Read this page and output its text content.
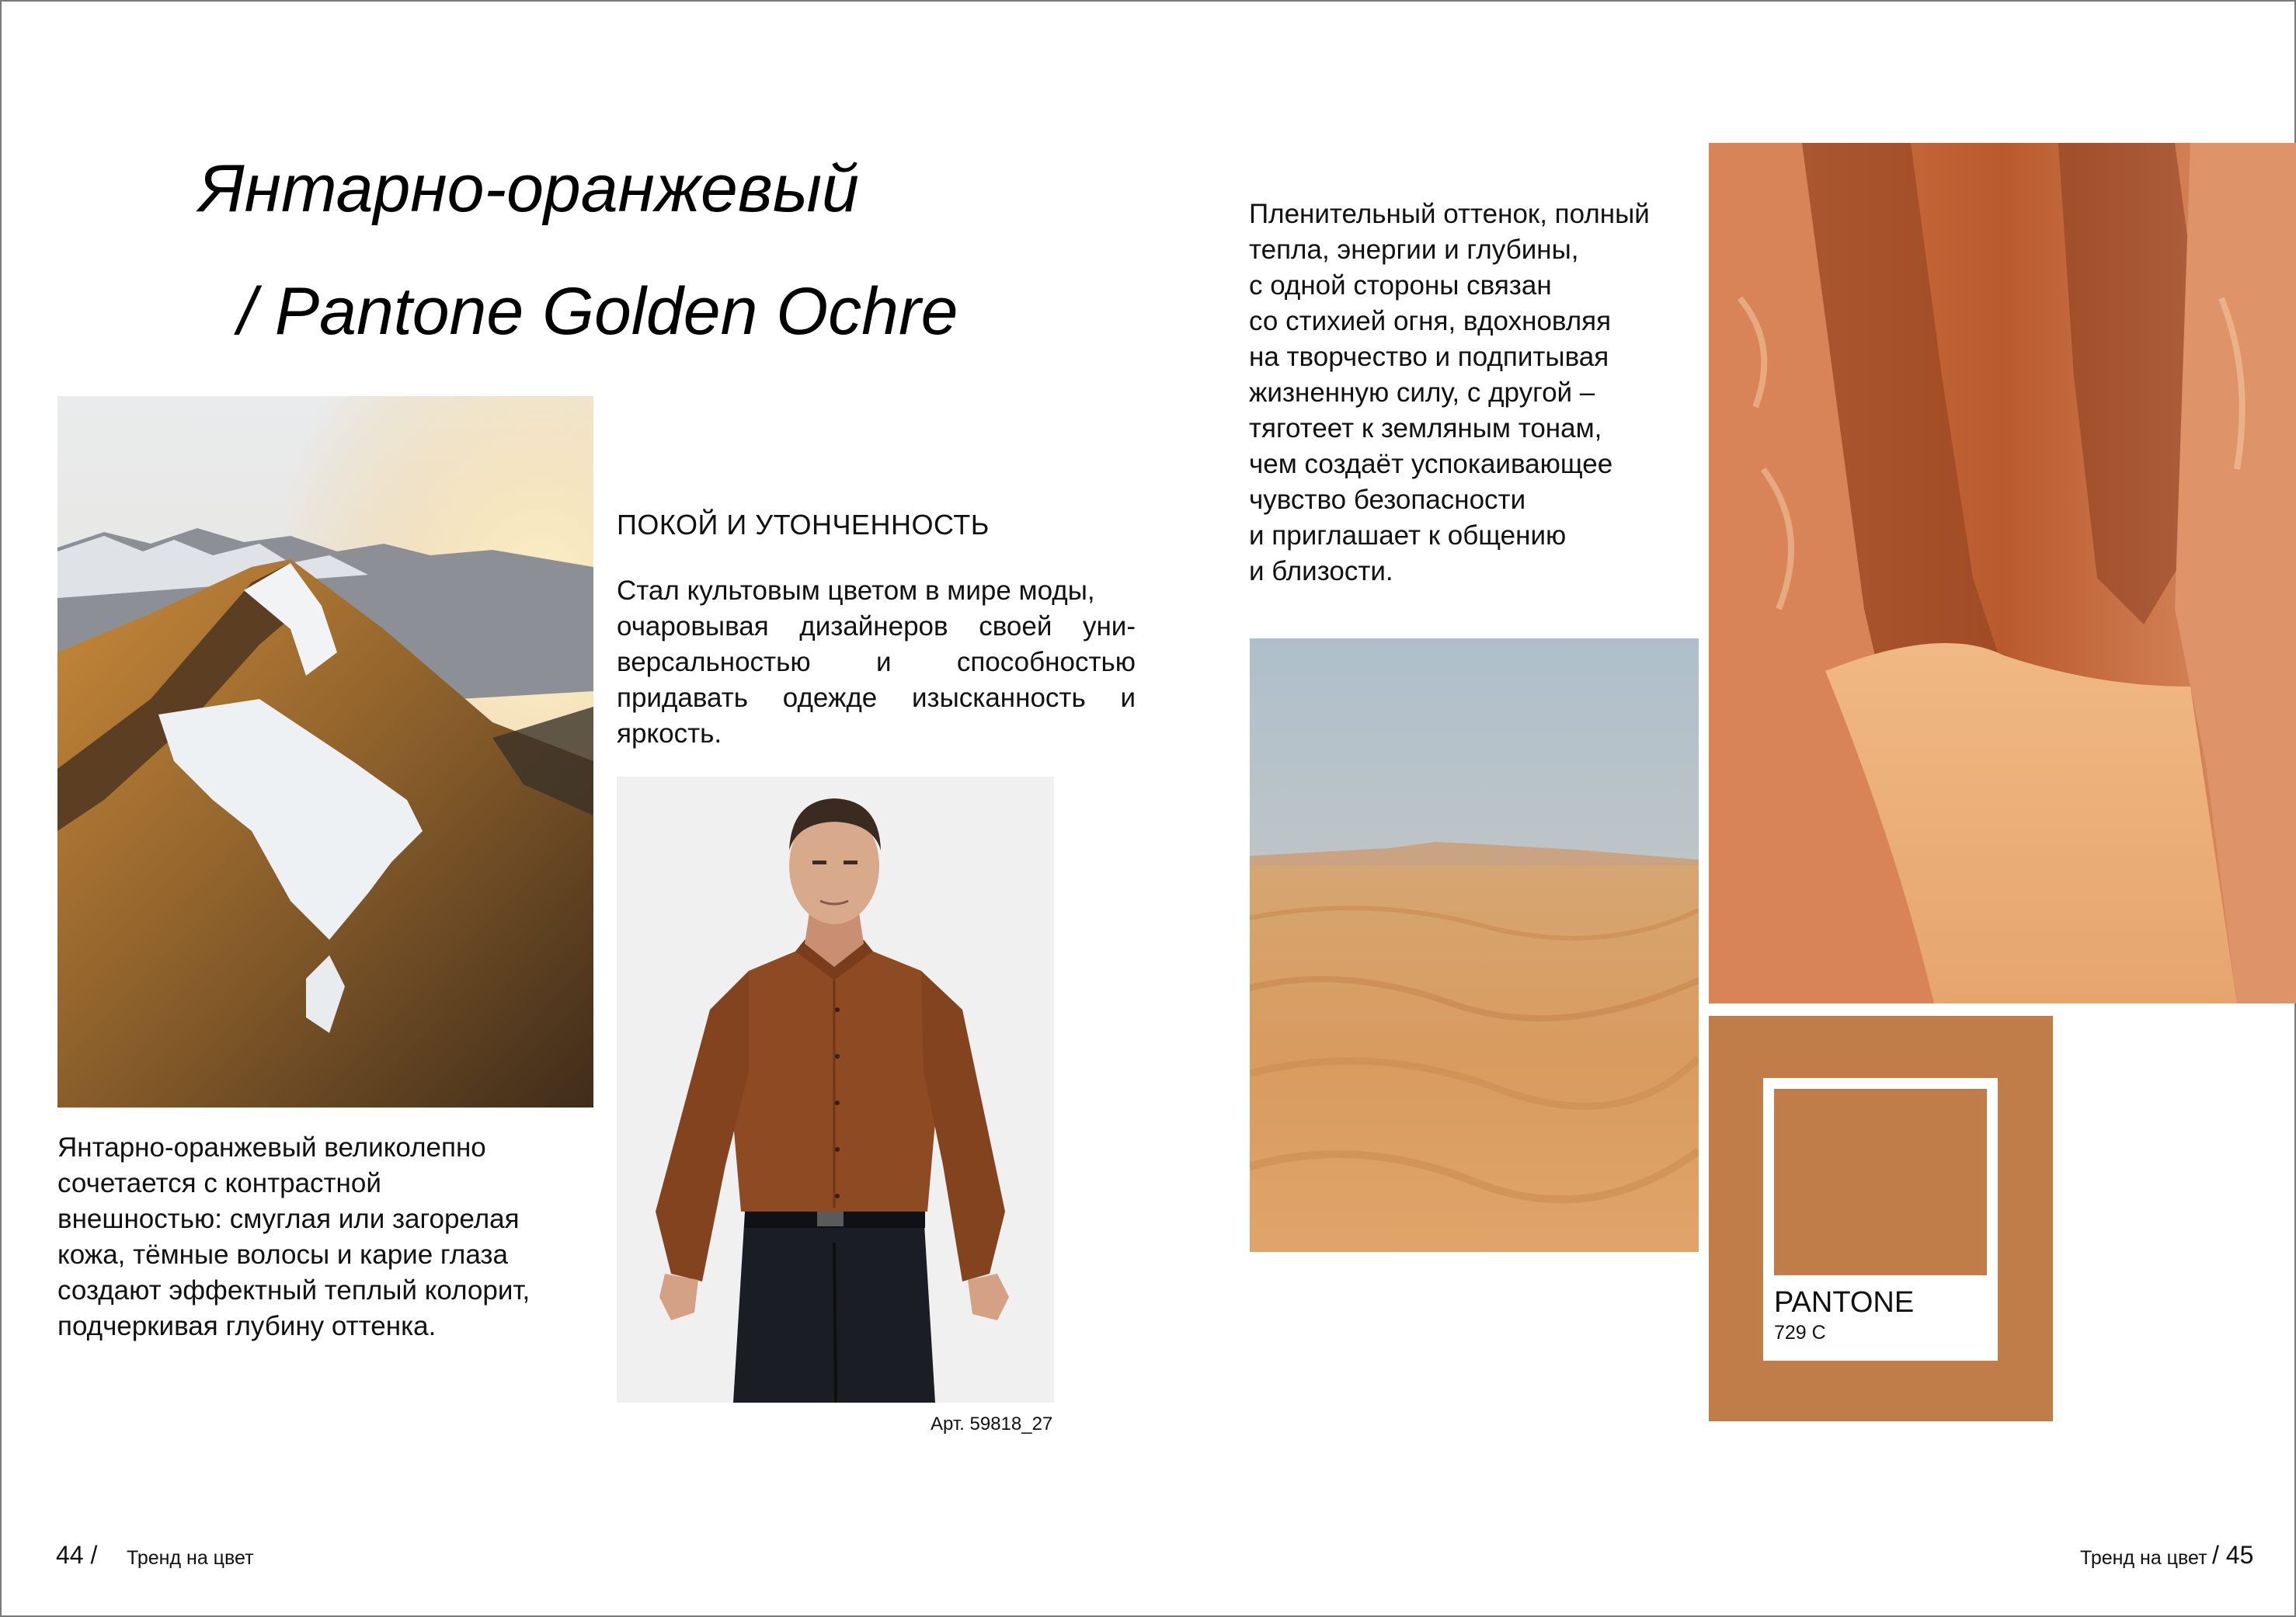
Янтарно-оранжевый
/ Pantone Golden Ochre
ПОКОЙ И УТОНЧЕННОСТЬ
Стал культовым цветом в мире моды,
очаровывая дизайнеров своей уни-
версальностью и способностью
придавать одежде изысканность и
яркость.
Арт. 59818_27
Янтарно-оранжевый великолепно
сочетается с контрастной
внешностью: смуглая или загорелая
кожа, тёмные волосы и карие глаза
создают эффектный теплый колорит,
подчеркивая глубину оттенка.
Пленительный оттенок, полный
тепла, энергии и глубины,
с одной стороны связан
со стихией огня, вдохновляя
на творчество и подпитывая
жизненную силу, с другой –
тяготеет к земляным тонам,
чем создаёт успокаивающее
чувство безопасности
и приглашает к общению
и близости.
PANTONE
729 C
44 / Тренд на цвет	Тренд на цвет / 45
